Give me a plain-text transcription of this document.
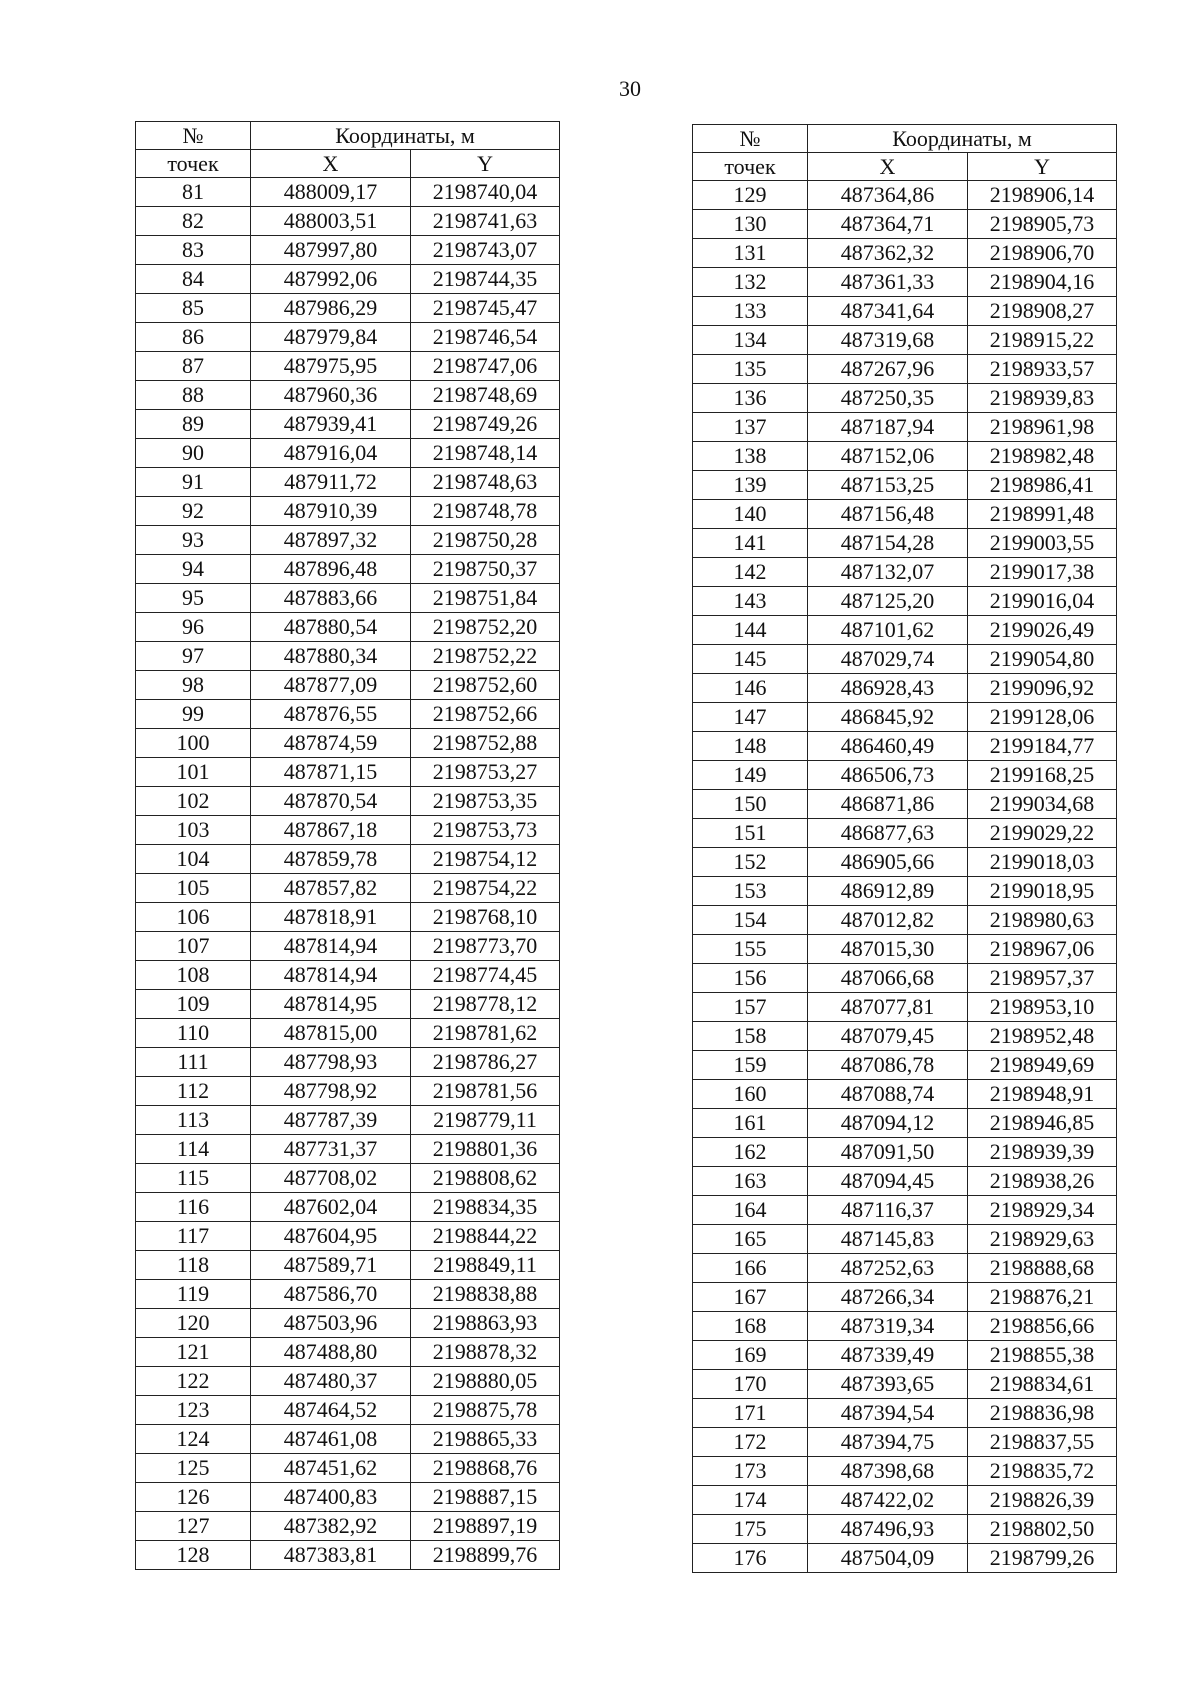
30
№	Координаты, м	
точек	X	Y
81	488009,17	2198740,04
82	488003,51	2198741,63
83	487997,80	2198743,07
84	487992,06	2198744,35
85	487986,29	2198745,47
86	487979,84	2198746,54
87	487975,95	2198747,06
88	487960,36	2198748,69
89	487939,41	2198749,26
90	487916,04	2198748,14
91	487911,72	2198748,63
92	487910,39	2198748,78
93	487897,32	2198750,28
94	487896,48	2198750,37
95	487883,66	2198751,84
96	487880,54	2198752,20
97	487880,34	2198752,22
98	487877,09	2198752,60
99	487876,55	2198752,66
100	487874,59	2198752,88
101	487871,15	2198753,27
102	487870,54	2198753,35
103	487867,18	2198753,73
104	487859,78	2198754,12
105	487857,82	2198754,22
106	487818,91	2198768,10
107	487814,94	2198773,70
108	487814,94	2198774,45
109	487814,95	2198778,12
110	487815,00	2198781,62
111	487798,93	2198786,27
112	487798,92	2198781,56
113	487787,39	2198779,11
114	487731,37	2198801,36
115	487708,02	2198808,62
116	487602,04	2198834,35
117	487604,95	2198844,22
118	487589,71	2198849,11
119	487586,70	2198838,88
120	487503,96	2198863,93
121	487488,80	2198878,32
122	487480,37	2198880,05
123	487464,52	2198875,78
124	487461,08	2198865,33
125	487451,62	2198868,76
126	487400,83	2198887,15
127	487382,92	2198897,19
128	487383,81	2198899,76
№	Координаты, м	
точек	X	Y
129	487364,86	2198906,14
130	487364,71	2198905,73
131	487362,32	2198906,70
132	487361,33	2198904,16
133	487341,64	2198908,27
134	487319,68	2198915,22
135	487267,96	2198933,57
136	487250,35	2198939,83
137	487187,94	2198961,98
138	487152,06	2198982,48
139	487153,25	2198986,41
140	487156,48	2198991,48
141	487154,28	2199003,55
142	487132,07	2199017,38
143	487125,20	2199016,04
144	487101,62	2199026,49
145	487029,74	2199054,80
146	486928,43	2199096,92
147	486845,92	2199128,06
148	486460,49	2199184,77
149	486506,73	2199168,25
150	486871,86	2199034,68
151	486877,63	2199029,22
152	486905,66	2199018,03
153	486912,89	2199018,95
154	487012,82	2198980,63
155	487015,30	2198967,06
156	487066,68	2198957,37
157	487077,81	2198953,10
158	487079,45	2198952,48
159	487086,78	2198949,69
160	487088,74	2198948,91
161	487094,12	2198946,85
162	487091,50	2198939,39
163	487094,45	2198938,26
164	487116,37	2198929,34
165	487145,83	2198929,63
166	487252,63	2198888,68
167	487266,34	2198876,21
168	487319,34	2198856,66
169	487339,49	2198855,38
170	487393,65	2198834,61
171	487394,54	2198836,98
172	487394,75	2198837,55
173	487398,68	2198835,72
174	487422,02	2198826,39
175	487496,93	2198802,50
176	487504,09	2198799,26
